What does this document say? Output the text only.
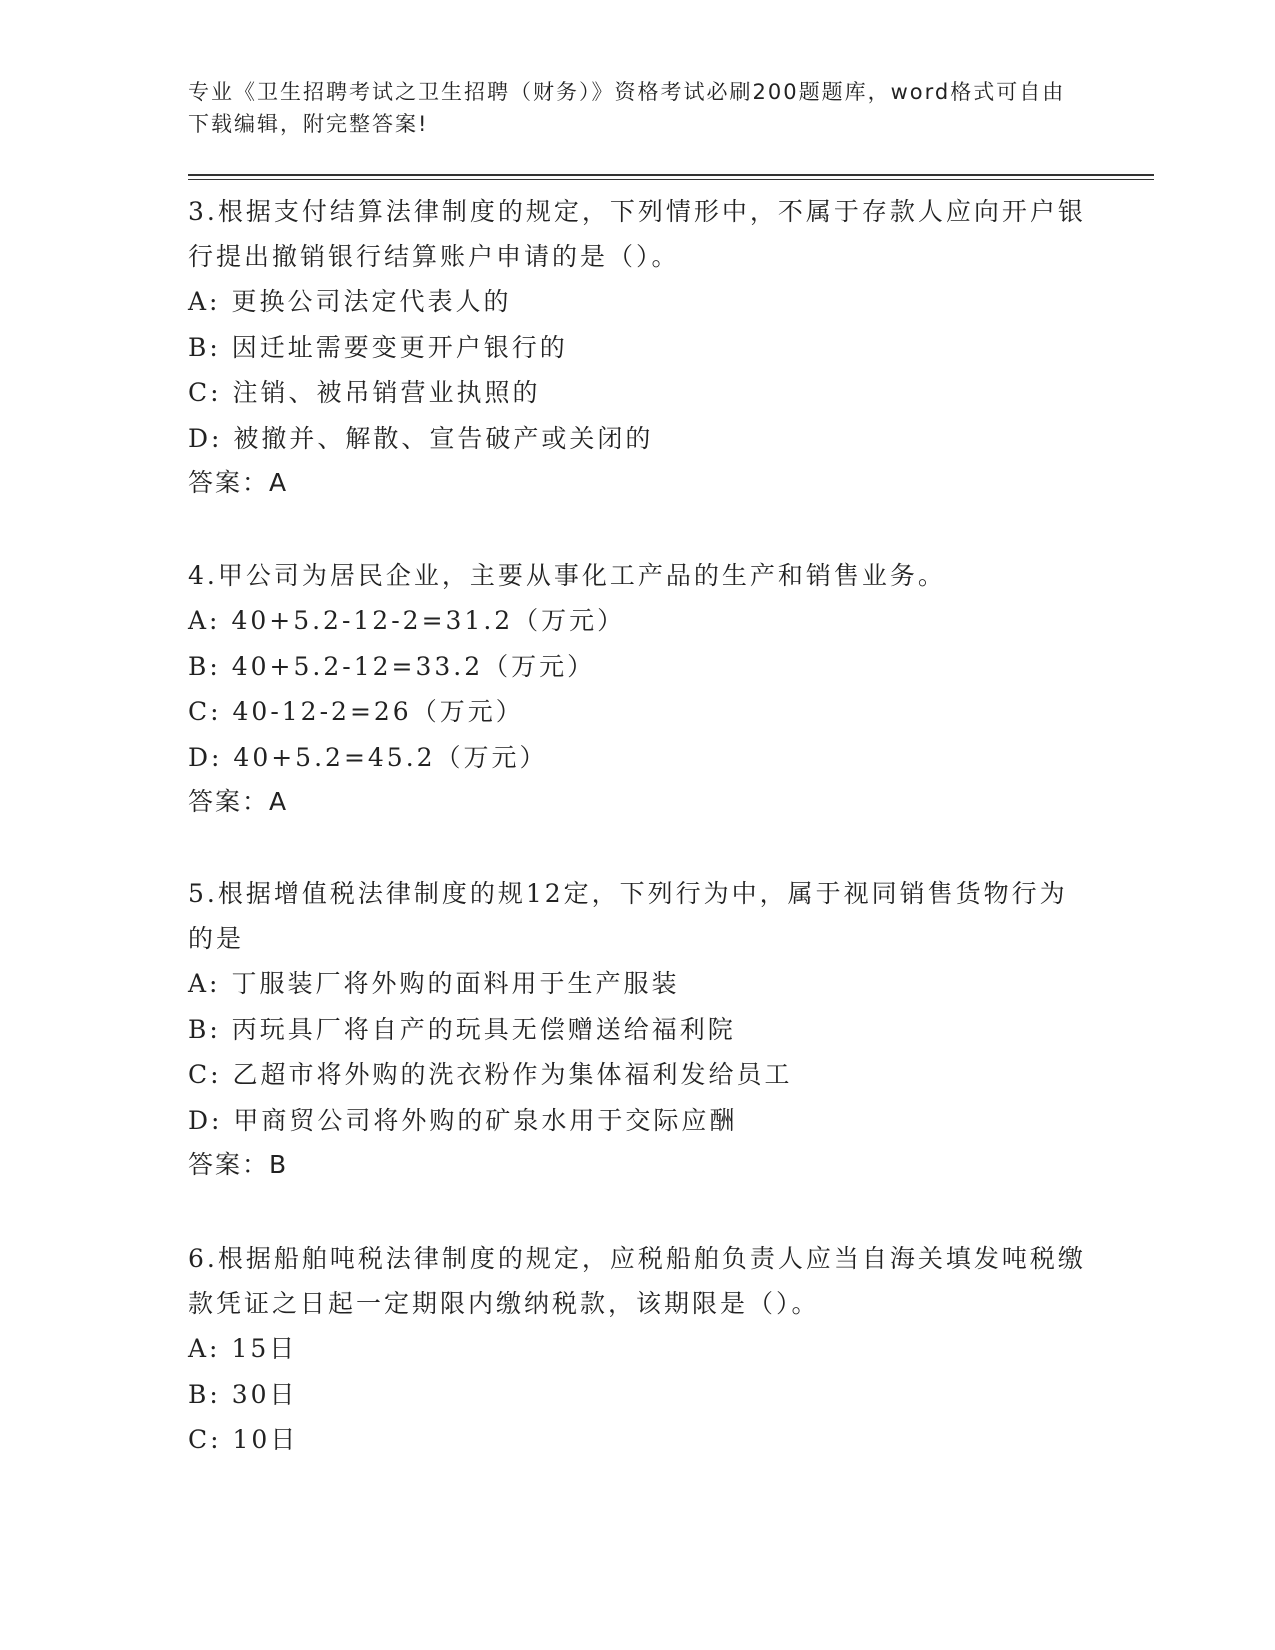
专业《卫生招聘考试之卫生招聘（财务）》资格考试必刷200题题库，word格式可自由下载编辑，附完整答案!
3.根据支付结算法律制度的规定，下列情形中，不属于存款人应向开户银行提出撤销银行结算账户申请的是（）。
A: 更换公司法定代表人的
B: 因迁址需要变更开户银行的
C: 注销、被吊销营业执照的
D: 被撤并、解散、宣告破产或关闭的
答案：A
4.甲公司为居民企业，主要从事化工产品的生产和销售业务。
A: 40+5.2-12-2=31.2（万元）
B: 40+5.2-12=33.2（万元）
C: 40-12-2=26（万元）
D: 40+5.2=45.2（万元）
答案：A
5.根据增值税法律制度的规12定，下列行为中，属于视同销售货物行为的是
A: 丁服装厂将外购的面料用于生产服装
B: 丙玩具厂将自产的玩具无偿赠送给福利院
C: 乙超市将外购的洗衣粉作为集体福利发给员工
D: 甲商贸公司将外购的矿泉水用于交际应酬
答案：B
6.根据船舶吨税法律制度的规定，应税船舶负责人应当自海关填发吨税缴款凭证之日起一定期限内缴纳税款，该期限是（）。
A: 15日
B: 30日
C: 10日
